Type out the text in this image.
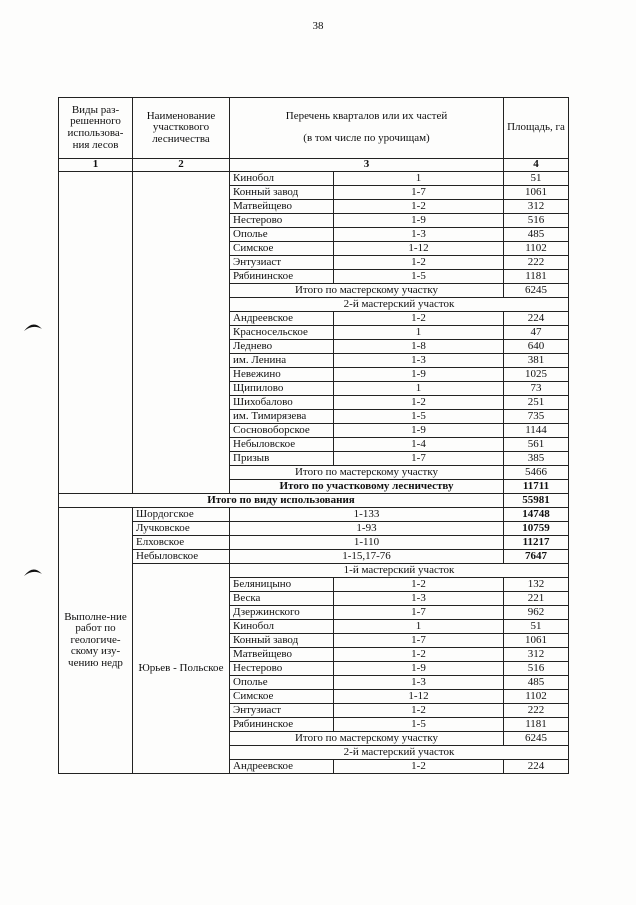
38
Виды раз-решенного использова-ния лесов	Наименование участкового лесничества	Перечень кварталов или их частей
(в том числе по урочищам)		Площадь, га
1	2	3		4
		Кинобол	1	51
		Конный завод	1-7	1061
		Матвейщево	1-2	312
		Нестерово	1-9	516
		Ополье	1-3	485
		Симское	1-12	1102
		Энтузиаст	1-2	222
		Рябининское	1-5	1181
		Итого по мастерскому участку		6245
		2-й мастерский участок		
		Андреевское	1-2	224
		Красносельское	1	47
		Леднево	1-8	640
		им. Ленина	1-3	381
		Невежино	1-9	1025
		Щипилово	1	73
		Шихобалово	1-2	251
		им. Тимирязева	1-5	735
		Сосновоборское	1-9	1144
		Небыловское	1-4	561
		Призыв	1-7	385
		Итого по мастерскому участку		5466
		Итого по участковому лесничеству		11711
Итого по виду использования				55981
Выполне-ние работ по геологиче-скому изу-чению недр	Шордогское	1-133		14748
	Лучковское	1-93		10759
	Елховское	1-110		11217
	Небыловское	1-15,17-76		7647
	Юрьев - Польское	1-й мастерский участок		
		Беляницыно	1-2	132
		Веска	1-3	221
		Дзержинского	1-7	962
		Кинобол	1	51
		Конный завод	1-7	1061
		Матвейщево	1-2	312
		Нестерово	1-9	516
		Ополье	1-3	485
		Симское	1-12	1102
		Энтузиаст	1-2	222
		Рябининское	1-5	1181
		Итого по мастерскому участку		6245
		2-й мастерский участок		
		Андреевское	1-2	224
